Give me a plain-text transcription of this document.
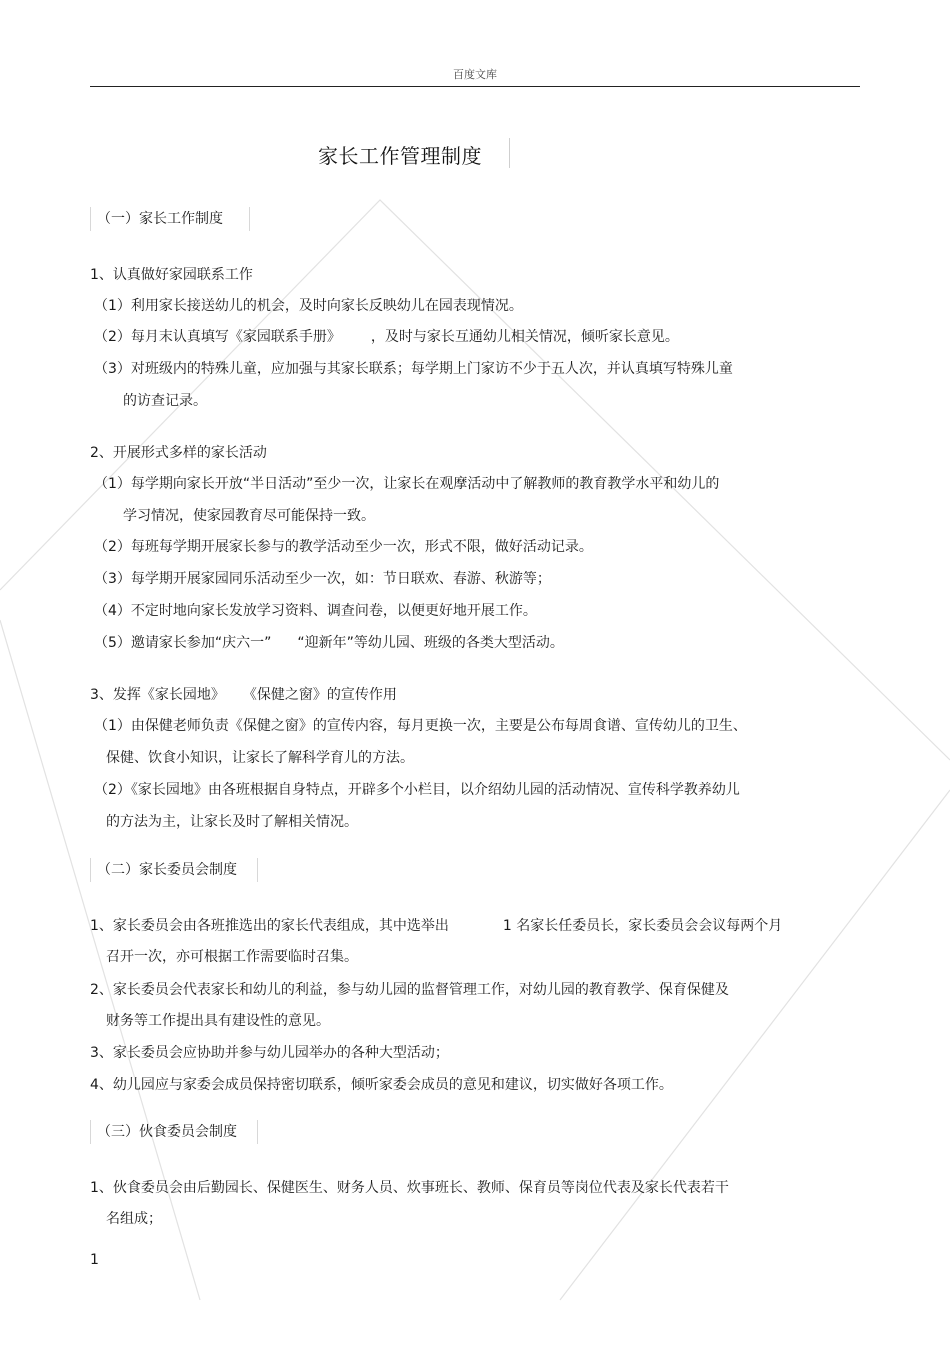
百度文库
家长工作管理制度
（一）家长工作制度
1、认真做好家园联系工作
（1）利用家长接送幼儿的机会，及时向家长反映幼儿在园表现情况。
（2）每月末认真填写《家园联系手册》 ，及时与家长互通幼儿相关情况，倾听家长意见。
（3）对班级内的特殊儿童，应加强与其家长联系；每学期上门家访不少于五人次，并认真填写特殊儿童
的访查记录。
2、开展形式多样的家长活动
（1）每学期向家长开放“半日活动”至少一次，让家长在观摩活动中了解教师的教育教学水平和幼儿的
学习情况，使家园教育尽可能保持一致。
（2）每班每学期开展家长参与的教学活动至少一次，形式不限，做好活动记录。
（3）每学期开展家园同乐活动至少一次，如：节日联欢、春游、秋游等；
（4）不定时地向家长发放学习资料、调查问卷，以便更好地开展工作。
（5）邀请家长参加“庆六一” “迎新年”等幼儿园、班级的各类大型活动。
3、发挥《家长园地》 《保健之窗》的宣传作用
（1）由保健老师负责《保健之窗》的宣传内容，每月更换一次，主要是公布每周食谱、宣传幼儿的卫生、
保健、饮食小知识，让家长了解科学育儿的方法。
（2）《家长园地》由各班根据自身特点，开辟多个小栏目，以介绍幼儿园的活动情况、宣传科学教养幼儿
的方法为主，让家长及时了解相关情况。
（二）家长委员会制度
1、家长委员会由各班推选出的家长代表组成，其中选举出	1 名家长任委员长，家长委员会会议每两个月
召开一次，亦可根据工作需要临时召集。
2、家长委员会代表家长和幼儿的利益，参与幼儿园的监督管理工作，对幼儿园的教育教学、保育保健及
财务等工作提出具有建设性的意见。
3、家长委员会应协助并参与幼儿园举办的各种大型活动；
4、幼儿园应与家委会成员保持密切联系，倾听家委会成员的意见和建议，切实做好各项工作。
（三）伙食委员会制度
1、伙食委员会由后勤园长、保健医生、财务人员、炊事班长、教师、保育员等岗位代表及家长代表若干
名组成；
1
